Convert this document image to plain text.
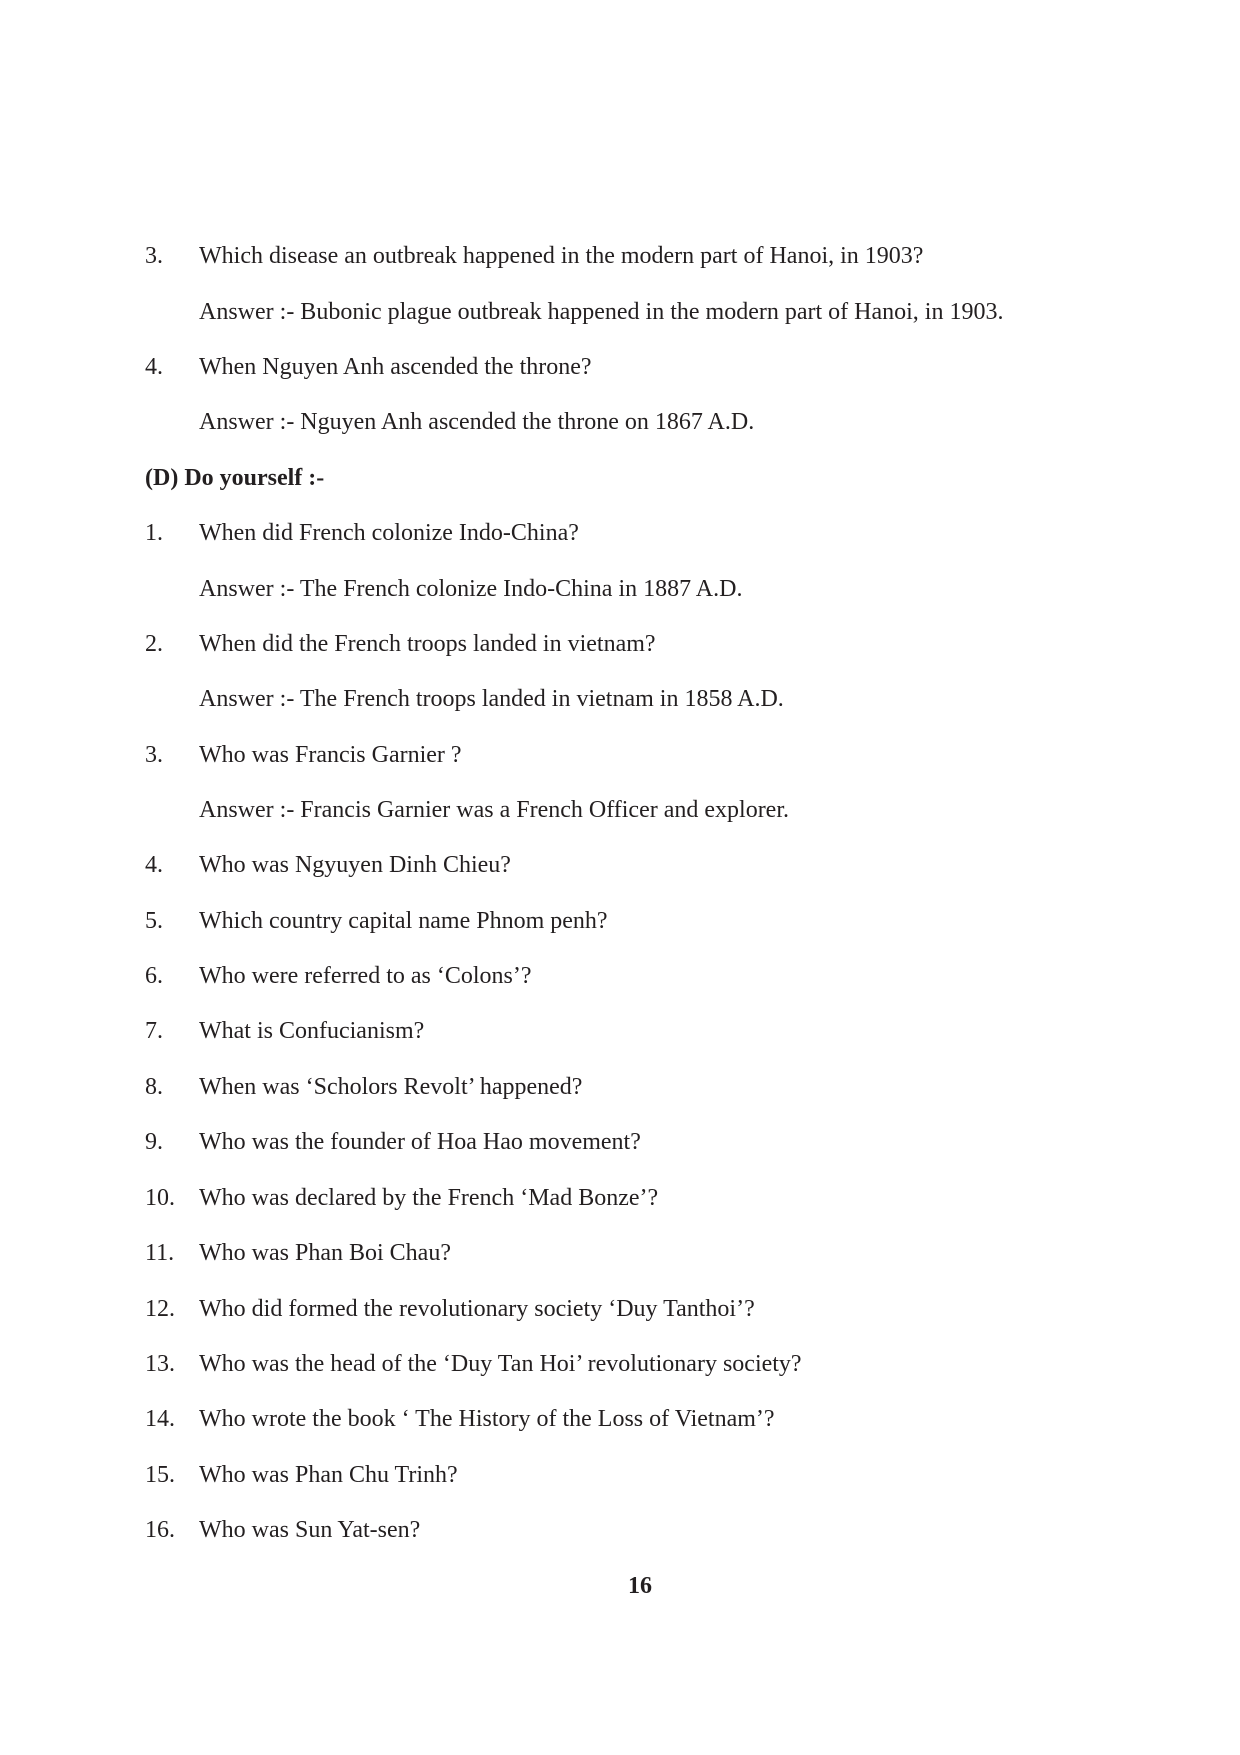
3. Which disease an outbreak happened in the modern part of Hanoi, in 1903?
Answer :- Bubonic plague outbreak happened in the modern part of Hanoi, in 1903.
4. When Nguyen Anh ascended the throne?
Answer :- Nguyen Anh ascended the throne on 1867 A.D.
(D) Do yourself :-
1. When did French colonize Indo-China?
Answer :- The French colonize Indo-China in 1887 A.D.
2. When did the French troops landed in vietnam?
Answer :- The French troops landed in vietnam in 1858 A.D.
3. Who was Francis Garnier ?
Answer :- Francis Garnier was a French Officer and explorer.
4. Who was Ngyuyen Dinh Chieu?
5. Which country capital name Phnom penh?
6. Who were referred to as ‘Colons’?
7. What is Confucianism?
8. When was ‘Scholors Revolt’ happened?
9. Who was the founder of Hoa Hao movement?
10. Who was declared by the French ‘Mad Bonze’?
11. Who was Phan Boi Chau?
12. Who did formed the revolutionary society ‘Duy Tanthoi’?
13. Who was the head of the ‘Duy Tan Hoi’ revolutionary society?
14. Who wrote the book ‘ The History of the Loss of Vietnam’?
15. Who was Phan Chu Trinh?
16. Who was Sun Yat-sen?
16
